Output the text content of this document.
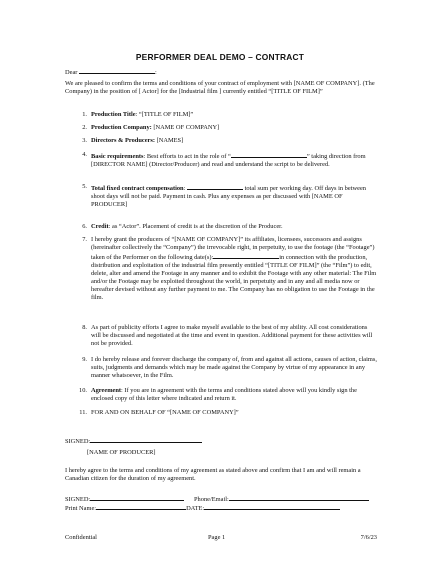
PERFORMER DEAL DEMO – CONTRACT
Dear	:
We are pleased to confirm the terms and conditions of your contract of employment with [NAME OF COMPANY]. (The Company) in the position of [ Actor] for the [Industrial film ] currently entitled “[TITLE OF FILM]”
1. Production Title: “[TITLE OF FILM]”
2. Production Company: [NAME OF COMPANY]
3. Directors & Producers: [NAMES]
4. Basic requirements: Best efforts to act in the role of “	” taking direction from [DIRECTOR NAME] (Director/Producer) and read and understand the script to be delivered.
5. Total fixed contract compensation:	total sum per working day. Off days in between shoot days will not be paid. Payment in cash. Plus any expenses as per discussed with [NAME OF PRODUCER]
6. Credit: as “Actor”. Placement of credit is at the discretion of the Producer.
7. I hereby grant the producers of “[NAME OF COMPANY]” its affiliates, licensees, successors and assigns (hereinafter collectively the “Company”) the irrevocable right, in perpetuity, to use the footage (the “Footage”) taken of the Performer on the following date(s):	in connection with the production, distribution and exploitation of the industrial film presently entitled “[TITLE OF FILM]” (the “Film”) to edit, delete, alter and amend the Footage in any manner and to exhibit the Footage with any other material: The Film and/or the Footage may be exploited throughout the world, in perpetuity and in any and all media now or hereafter devised without any further payment to me. The Company has no obligation to use the Footage in the film.
8. As part of publicity efforts I agree to make myself available to the best of my ability. All cost considerations will be discussed and negotiated at the time and event in question. Additional payment for these activities will not be provided.
9. I do hereby release and forever discharge the company of, from and against all actions, causes of action, claims, suits, judgments and demands which may be made against the Company by virtue of my appearance in any manner whatsoever, in the Film.
10. Agreement: If you are in agreement with the terms and conditions stated above will you kindly sign the enclosed copy of this letter where indicated and return it.
11. FOR AND ON BEHALF OF “[NAME OF COMPANY]”
SIGNED:
[NAME OF PRODUCER]
I hereby agree to the terms and conditions of my agreement as stated above and confirm that I am and will remain a Canadian citizen for the duration of my agreement.
SIGNED:	Phone/Email:
Print Name:	DATE:
Confidential	Page 1	7/6/23
